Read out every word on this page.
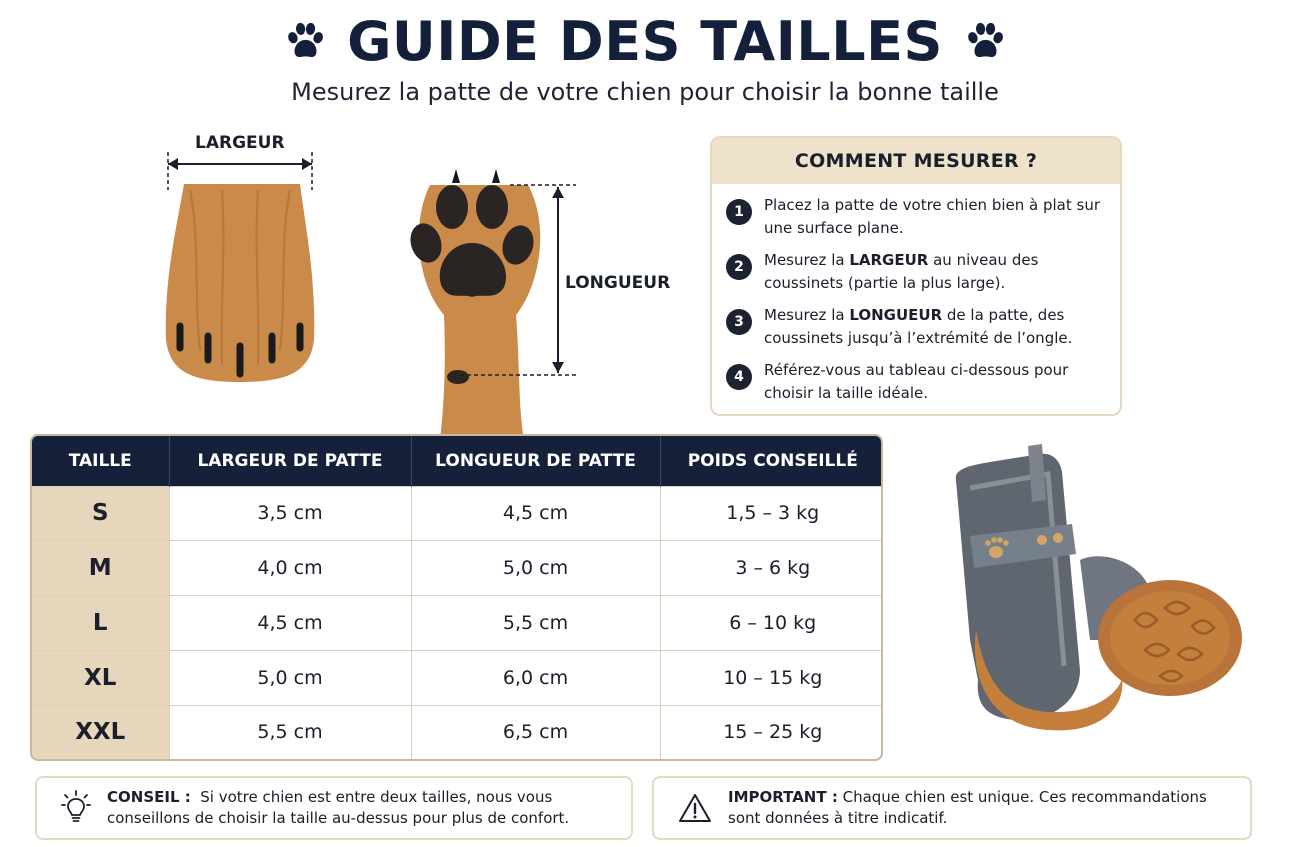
GUIDE DES TAILLES

Mesurez la patte de votre chien pour choisir la bonne taille

LARGEUR
LONGUEUR
COMMENT MESURER ?
1	Placez la patte de votre chien bien à plat sur une surface plane.
2	Mesurez la LARGEUR au niveau des coussinets (partie la plus large).
3	Mesurez la LONGUEUR de la patte, des coussinets jusqu’à l’extrémité de l’ongle.
4	Référez-vous au tableau ci-dessous pour choisir la taille idéale.
TAILLE	LARGEUR DE PATTE	LONGUEUR DE PATTE	POIDS CONSEILLÉ
S	3,5 cm	4,5 cm	1,5 – 3 kg
M	4,0 cm	5,0 cm	3 – 6 kg
L	4,5 cm	5,5 cm	6 – 10 kg
XL	5,0 cm	6,0 cm	10 – 15 kg
XXL	5,5 cm	6,5 cm	15 – 25 kg

CONSEIL : Si votre chien est entre deux tailles, nous vous conseillons de choisir la taille au-dessus pour plus de confort.

IMPORTANT : Chaque chien est unique. Ces recommandations sont données à titre indicatif.
